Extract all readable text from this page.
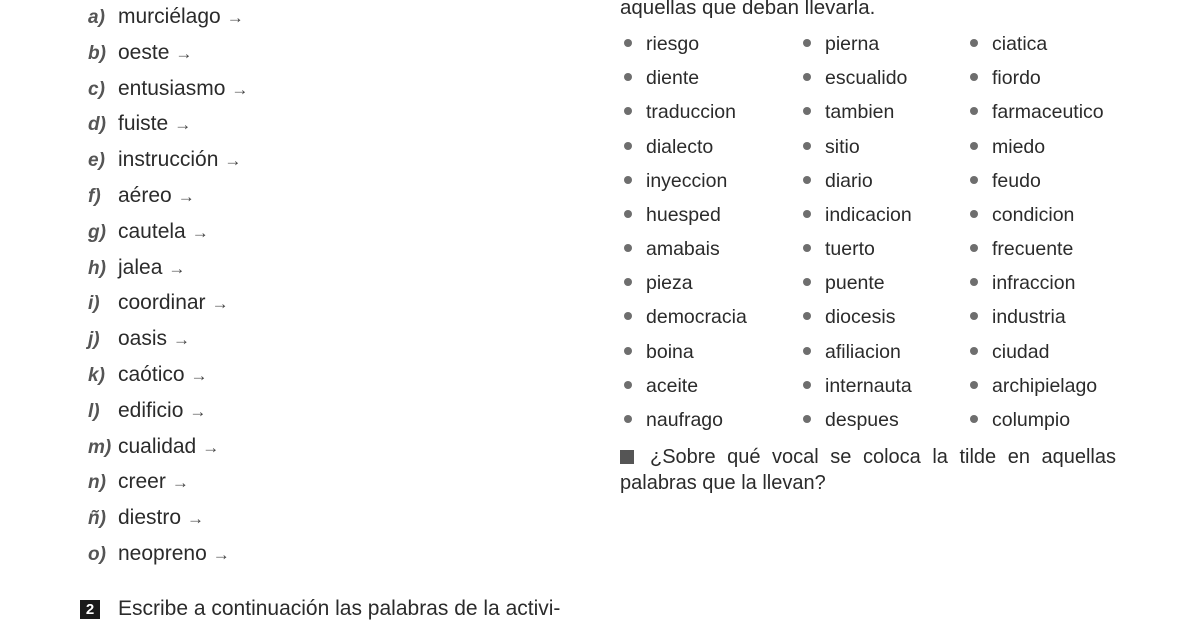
a) murciélago →
b) oeste →
c) entusiasmo →
d) fuiste →
e) instrucción →
f) aéreo →
g) cautela →
h) jalea →
i) coordinar →
j) oasis →
k) caótico →
l) edificio →
m) cualidad →
n) creer →
ñ) diestro →
o) neopreno →
2 Escribe a continuación las palabras de la activi-
aquellas que deban llevarla.
riesgo
diente
traduccion
dialecto
inyeccion
huesped
amabais
pieza
democracia
boina
aceite
naufrago
pierna
escualido
tambien
sitio
diario
indicacion
tuerto
puente
diocesis
afiliacion
internauta
despues
ciatica
fiordo
farmaceutico
miedo
feudo
condicion
frecuente
infraccion
industria
ciudad
archipielago
columpio
¿Sobre qué vocal se coloca la tilde en aquellas
palabras que la llevan?
